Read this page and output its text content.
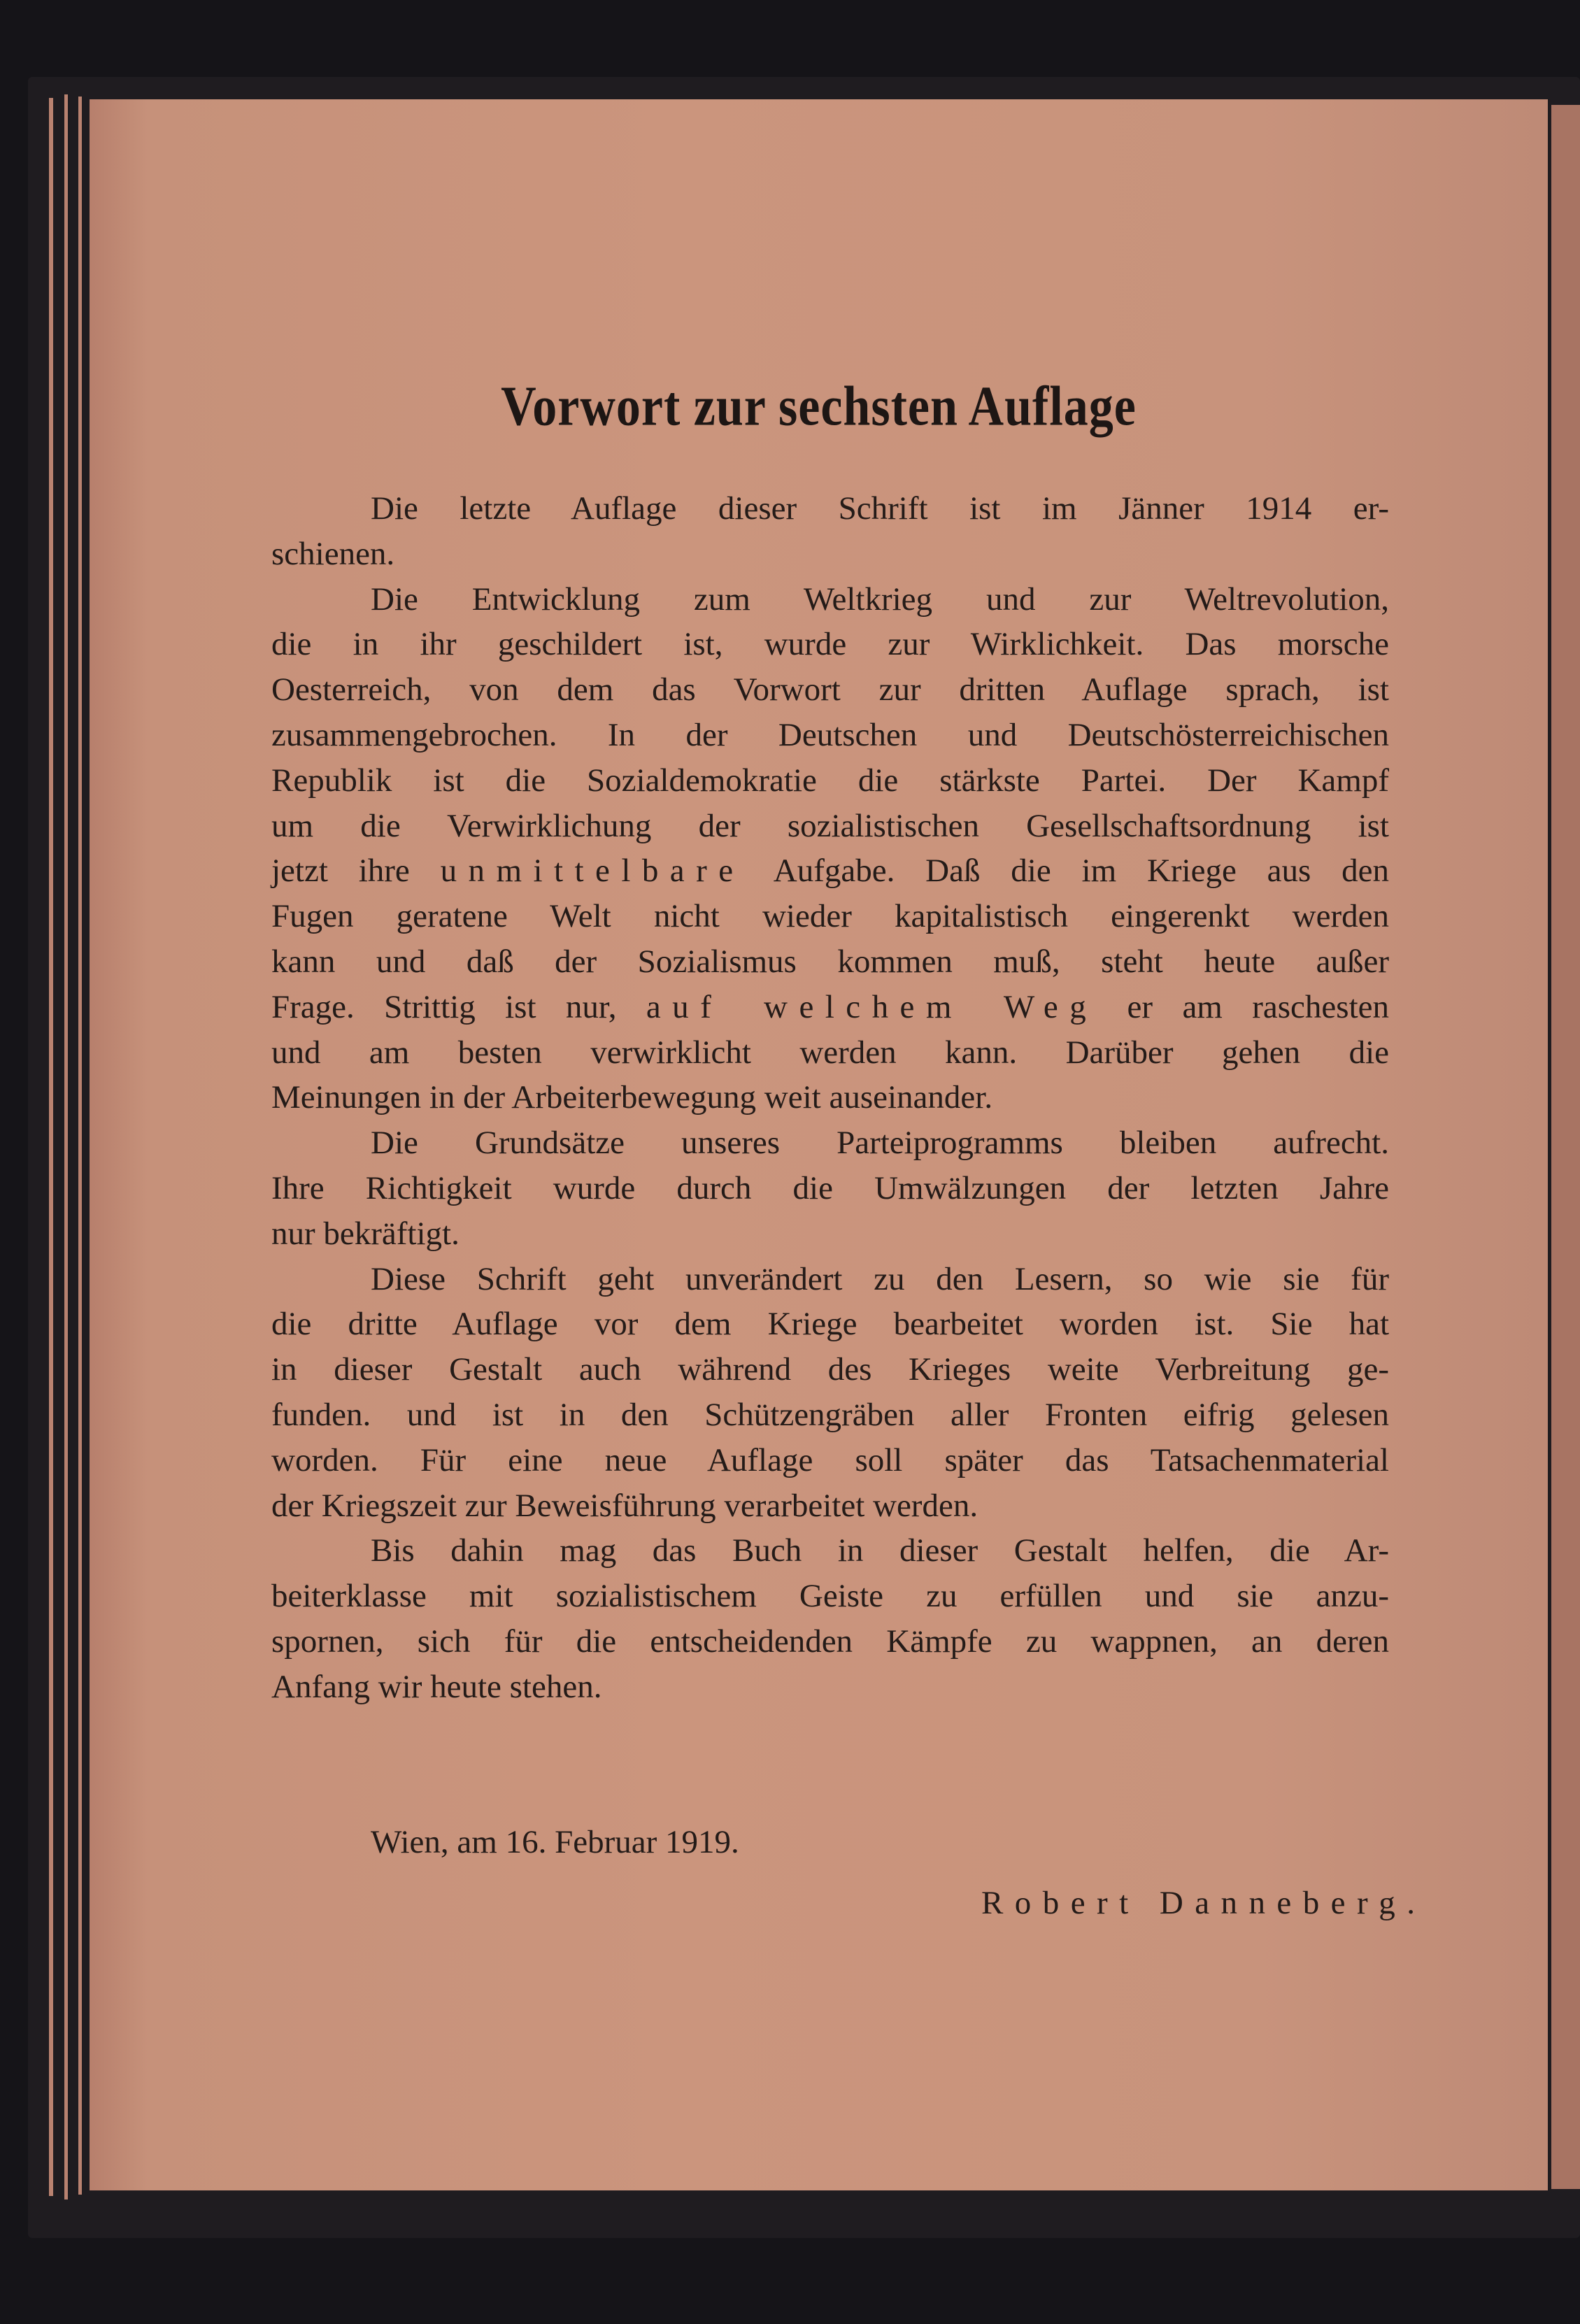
Vorwort zur sechsten Auflage
Die letzte Auflage dieser Schrift ist im Jänner 1914 er-
schienen.
Die Entwicklung zum Weltkrieg und zur Weltrevolution,
die in ihr geschildert ist, wurde zur Wirklichkeit. Das morsche
Oesterreich, von dem das Vorwort zur dritten Auflage sprach, ist
zusammengebrochen. In der Deutschen und Deutschösterreichischen
Republik ist die Sozialdemokratie die stärkste Partei. Der Kampf
um die Verwirklichung der sozialistischen Gesellschaftsordnung ist
jetzt ihre unmittelbare Aufgabe. Daß die im Kriege aus den
Fugen geratene Welt nicht wieder kapitalistisch eingerenkt werden
kann und daß der Sozialismus kommen muß, steht heute außer
Frage. Strittig ist nur, auf welchem Weg er am raschesten
und am besten verwirklicht werden kann. Darüber gehen die
Meinungen in der Arbeiterbewegung weit auseinander.
Die Grundsätze unseres Parteiprogramms bleiben aufrecht.
Ihre Richtigkeit wurde durch die Umwälzungen der letzten Jahre
nur bekräftigt.
Diese Schrift geht unverändert zu den Lesern, so wie sie für
die dritte Auflage vor dem Kriege bearbeitet worden ist. Sie hat
in dieser Gestalt auch während des Krieges weite Verbreitung ge-
funden. und ist in den Schützengräben aller Fronten eifrig gelesen
worden. Für eine neue Auflage soll später das Tatsachenmaterial
der Kriegszeit zur Beweisführung verarbeitet werden.
Bis dahin mag das Buch in dieser Gestalt helfen, die Ar-
beiterklasse mit sozialistischem Geiste zu erfüllen und sie anzu-
spornen, sich für die entscheidenden Kämpfe zu wappnen, an deren
Anfang wir heute stehen.
Wien, am 16. Februar 1919.
Robert Danneberg.
